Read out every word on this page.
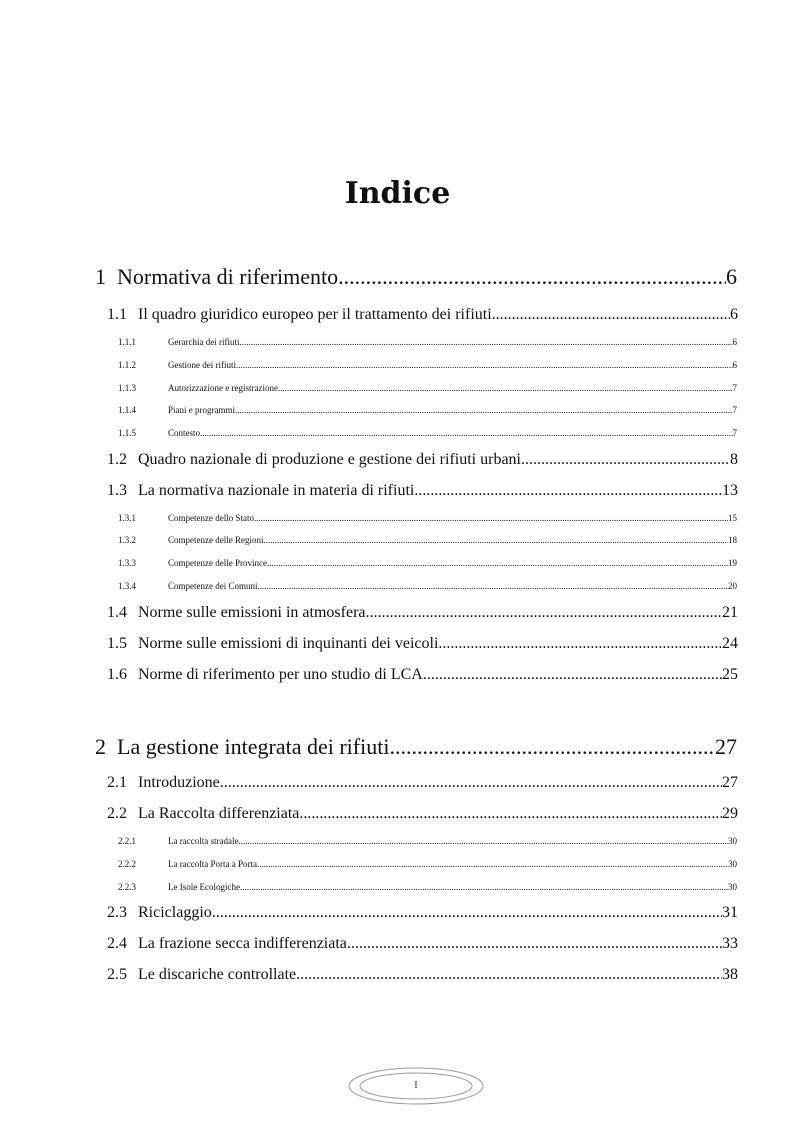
Indice
1 Normativa di riferimento .....	6
1.1 Il quadro giuridico europeo per il trattamento dei rifiuti .....	6
1.1.1	Gerarchia dei rifiuti .....	6
1.1.2	Gestione dei rifiuti .....	6
1.1.3	Autorizzazione e registrazione .....	7
1.1.4	Piani e programmi .....	7
1.1.5	Contesto .....	7
1.2 Quadro nazionale di produzione e gestione dei rifiuti urbani .....	8
1.3 La normativa nazionale in materia di rifiuti .....	13
1.3.1	Competenze dello Stato .....	15
1.3.2	Competenze delle Regioni .....	18
1.3.3	Competenze delle Province .....	19
1.3.4	Competenze dei Comuni .....	20
1.4 Norme sulle emissioni in atmosfera .....	21
1.5 Norme sulle emissioni di inquinanti dei veicoli .....	24
1.6 Norme di riferimento per uno studio di LCA .....	25
2 La gestione integrata dei rifiuti .....	27
2.1 Introduzione .....	27
2.2 La Raccolta differenziata .....	29
2.2.1	La raccolta stradale .....	30
2.2.2	La raccolta Porta a Porta .....	30
2.2.3	Le Isole Ecologiche .....	30
2.3 Riciclaggio .....	31
2.4 La frazione secca indifferenziata .....	33
2.5 Le discariche controllate .....	38
I
